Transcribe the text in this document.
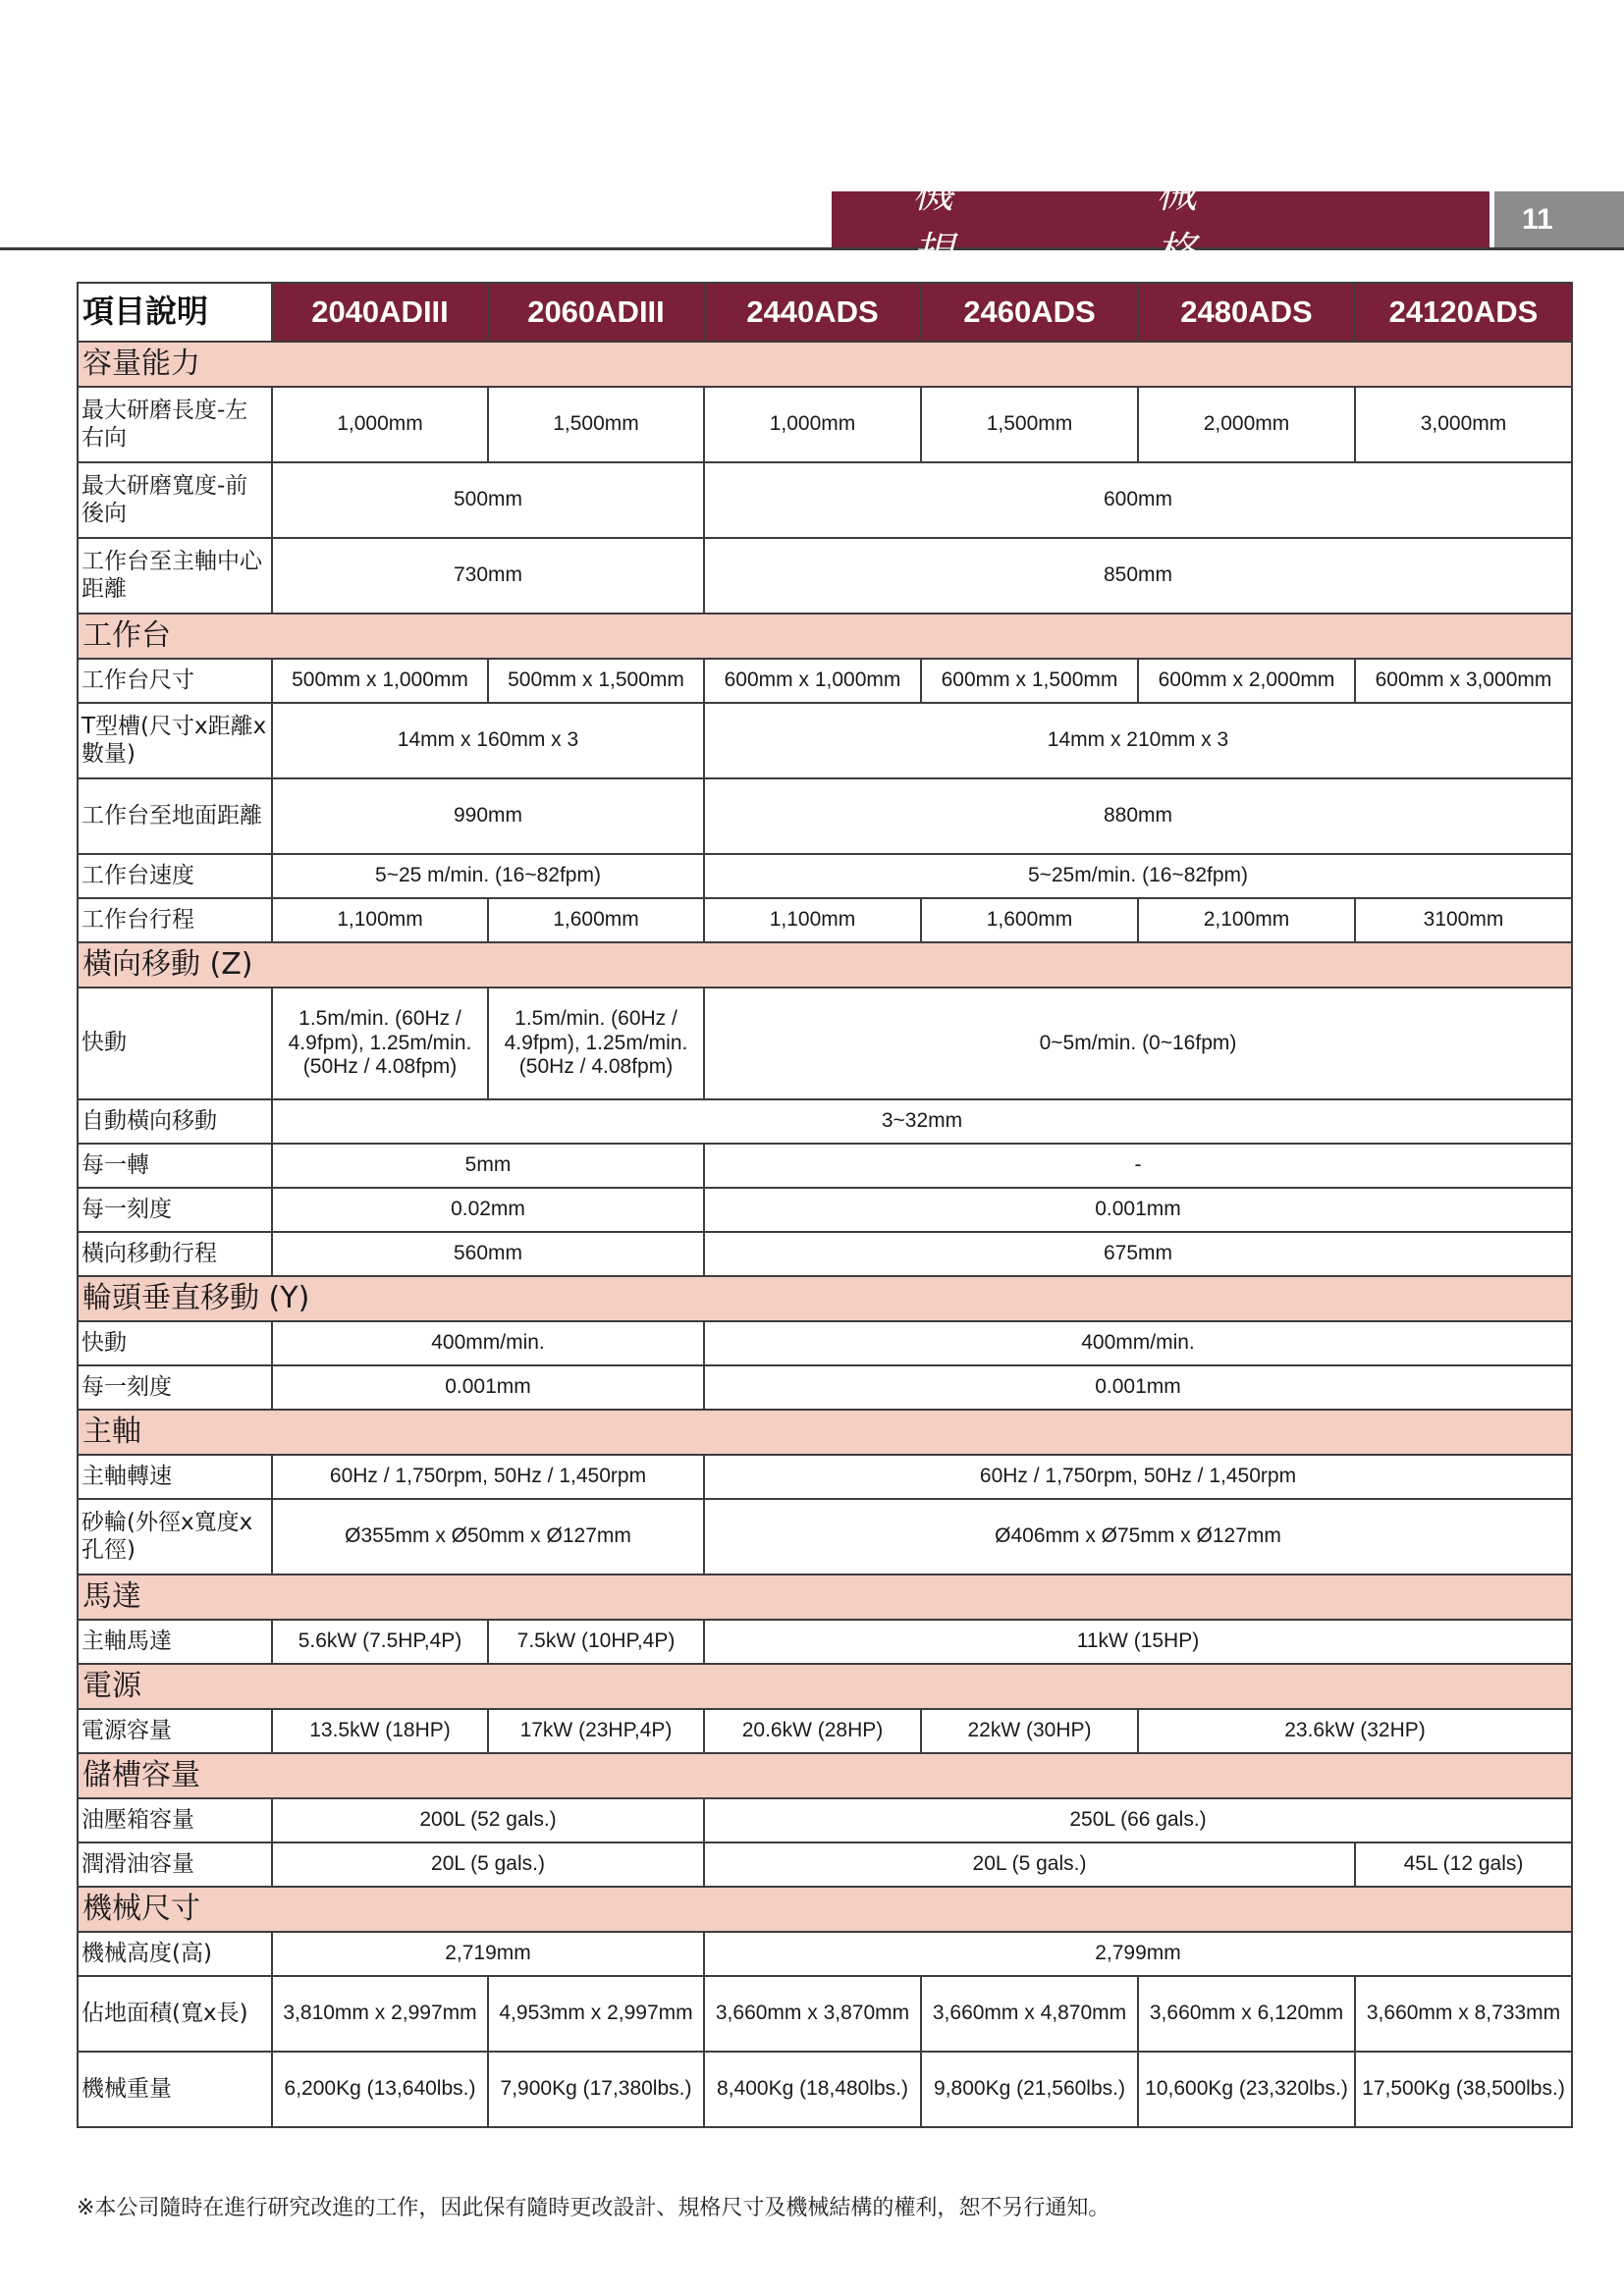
機　械　規　格
11
項目說明	2040ADIII	2060ADIII	2440ADS	2460ADS	2480ADS	24120ADS
容量能力						
最大研磨長度-左右向	1,000mm	1,500mm	1,000mm	1,500mm	2,000mm	3,000mm
最大研磨寬度-前後向	500mm		600mm			
工作台至主軸中心距離	730mm		850mm			
工作台						
工作台尺寸	500mm x 1,000mm	500mm x 1,500mm	600mm x 1,000mm	600mm x 1,500mm	600mm x 2,000mm	600mm x 3,000mm
T型槽(尺寸x距離x數量)	14mm x 160mm x 3		14mm x 210mm x 3			
工作台至地面距離	990mm		880mm			
工作台速度	5~25 m/min. (16~82fpm)		5~25m/min. (16~82fpm)			
工作台行程	1,100mm	1,600mm	1,100mm	1,600mm	2,100mm	3100mm
橫向移動 (Z)						
快動	1.5m/min. (60Hz / 4.9fpm), 1.25m/min. (50Hz / 4.08fpm)	1.5m/min. (60Hz / 4.9fpm), 1.25m/min. (50Hz / 4.08fpm)	0~5m/min. (0~16fpm)			
自動橫向移動	3~32mm					
每一轉	5mm		-			
每一刻度	0.02mm		0.001mm			
橫向移動行程	560mm		675mm			
輪頭垂直移動 (Y)						
快動	400mm/min.		400mm/min.			
每一刻度	0.001mm		0.001mm			
主軸						
主軸轉速	60Hz / 1,750rpm, 50Hz / 1,450rpm		60Hz / 1,750rpm, 50Hz / 1,450rpm			
砂輪(外徑x寬度x孔徑)	Ø355mm x Ø50mm x Ø127mm		Ø406mm x Ø75mm x Ø127mm			
馬達						
主軸馬達	5.6kW (7.5HP,4P)	7.5kW (10HP,4P)	11kW (15HP)			
電源						
電源容量	13.5kW (18HP)	17kW (23HP,4P)	20.6kW (28HP)	22kW (30HP)	23.6kW (32HP)	
儲槽容量						
油壓箱容量	200L (52 gals.)		250L (66 gals.)			
潤滑油容量	20L (5 gals.)		20L (5 gals.)			45L (12 gals)
機械尺寸						
機械高度(高)	2,719mm		2,799mm			
佔地面積(寬x長)	3,810mm x 2,997mm	4,953mm x 2,997mm	3,660mm x 3,870mm	3,660mm x 4,870mm	3,660mm x 6,120mm	3,660mm x 8,733mm
機械重量	6,200Kg (13,640lbs.)	7,900Kg (17,380lbs.)	8,400Kg (18,480lbs.)	9,800Kg (21,560lbs.)	10,600Kg (23,320lbs.)	17,500Kg (38,500lbs.)
※本公司隨時在進行研究改進的工作，因此保有隨時更改設計、規格尺寸及機械結構的權利，恕不另行通知。
